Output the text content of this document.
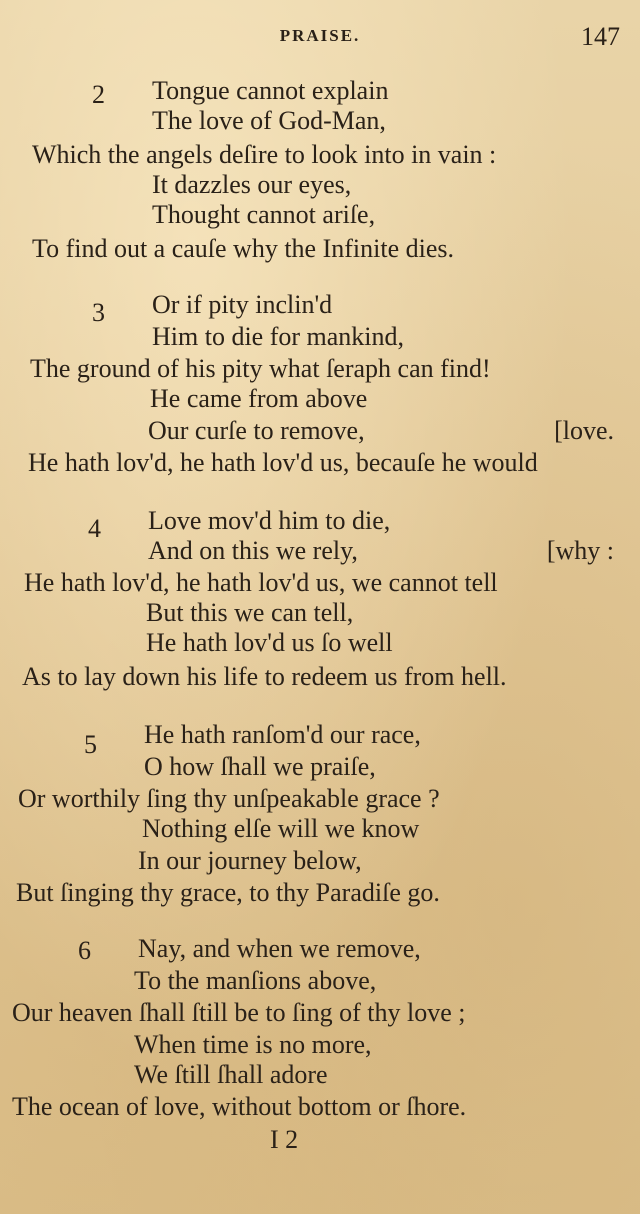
PRAISE.	147
2 Tongue cannot explain
The love of God-Man,
Which the angels deſire to look into in vain :
It dazzles our eyes,
Thought cannot ariſe,
To find out a cauſe why the Infinite dies.
3 Or if pity inclin'd
Him to die for mankind,
The ground of his pity what ſeraph can find!
He came from above
Our curſe to remove,	[love.
He hath lov'd, he hath lov'd us, becauſe he would
4 Love mov'd him to die,
And on this we rely,	[why :
He hath lov'd, he hath lov'd us, we cannot tell
But this we can tell,
He hath lov'd us ſo well
As to lay down his life to redeem us from hell.
5 He hath ranſom'd our race,
O how ſhall we praiſe,
Or worthily ſing thy unſpeakable grace ?
Nothing elſe will we know
In our journey below,
But ſinging thy grace, to thy Paradiſe go.
6 Nay, and when we remove,
To the manſions above,
Our heaven ſhall ſtill be to ſing of thy love ;
When time is no more,
We ſtill ſhall adore
The ocean of love, without bottom or ſhore.
I 2
